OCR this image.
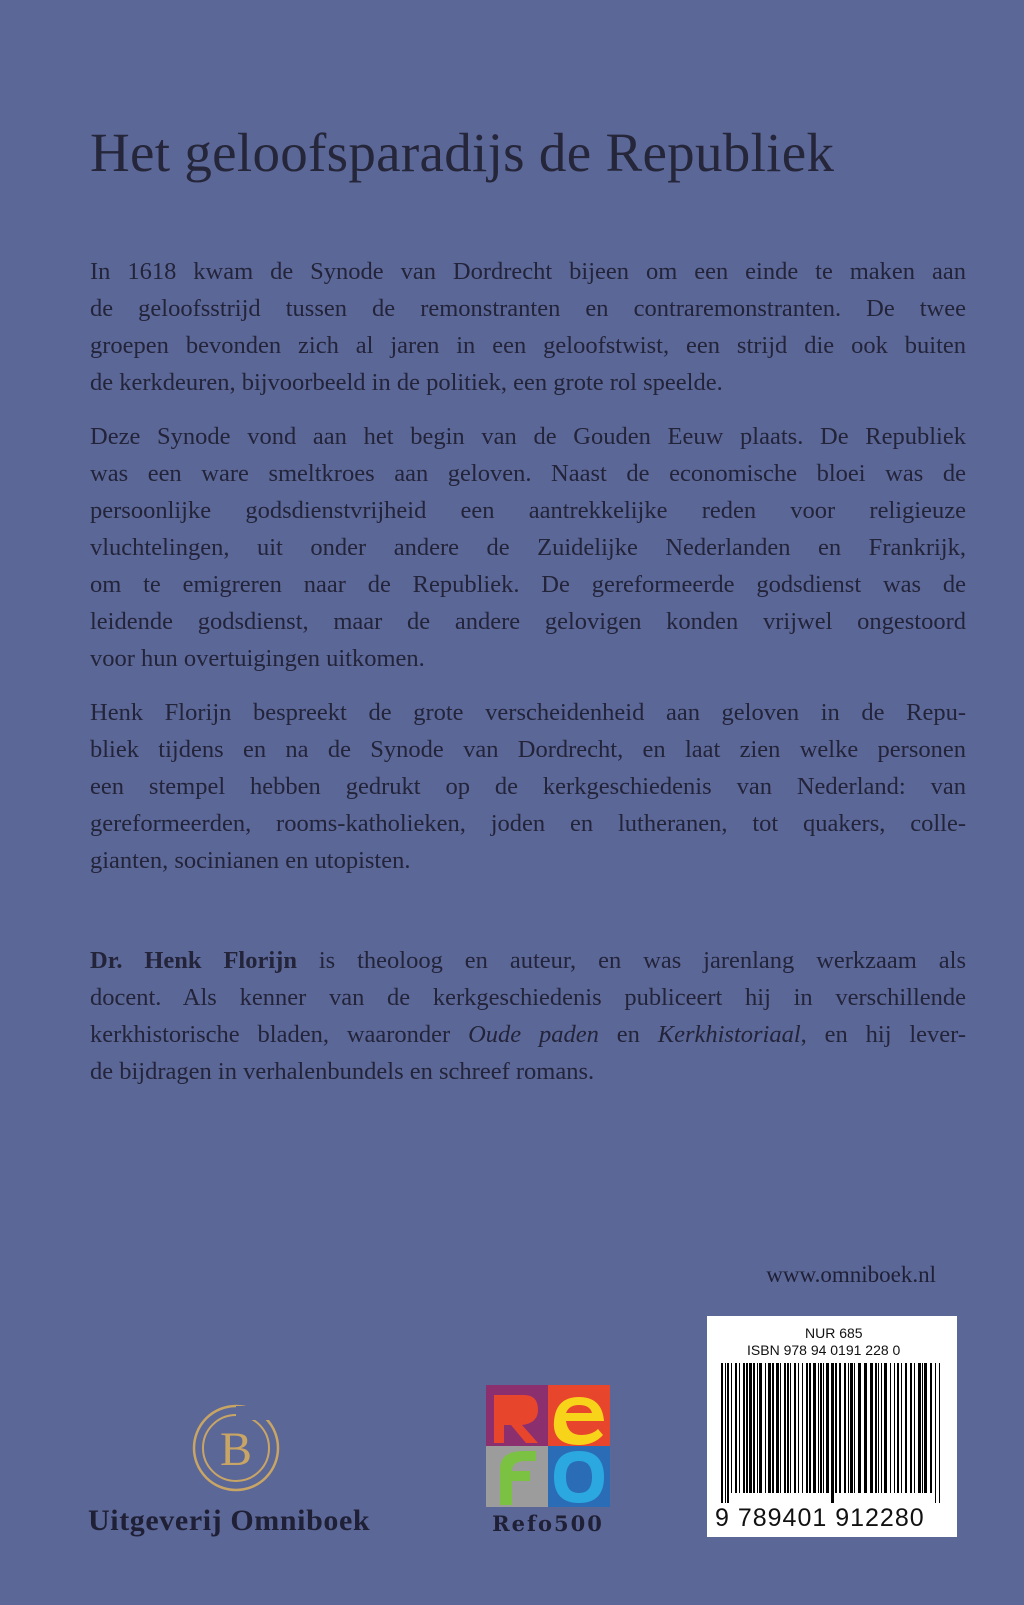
Het geloofsparadijs de Republiek
In 1618 kwam de Synode van Dordrecht bijeen om een einde te maken aan
de geloofsstrijd tussen de remonstranten en contraremonstranten. De twee
groepen bevonden zich al jaren in een geloofstwist, een strijd die ook buiten
de kerkdeuren, bijvoorbeeld in de politiek, een grote rol speelde.
Deze Synode vond aan het begin van de Gouden Eeuw plaats. De Republiek
was een ware smeltkroes aan geloven. Naast de economische bloei was de
persoonlijke godsdienstvrijheid een aantrekkelijke reden voor religieuze
vluchtelingen, uit onder andere de Zuidelijke Nederlanden en Frankrijk,
om te emigreren naar de Republiek. De gereformeerde godsdienst was de
leidende godsdienst, maar de andere gelovigen konden vrijwel ongestoord
voor hun overtuigingen uitkomen.
Henk Florijn bespreekt de grote verscheidenheid aan geloven in de Repu-
bliek tijdens en na de Synode van Dordrecht, en laat zien welke personen
een stempel hebben gedrukt op de kerkgeschiedenis van Nederland: van
gereformeerden, rooms-katholieken, joden en lutheranen, tot quakers, colle-
gianten, socinianen en utopisten.
Dr. Henk Florijn is theoloog en auteur, en was jarenlang werkzaam als
docent. Als kenner van de kerkgeschiedenis publiceert hij in verschillende
kerkhistorische bladen, waaronder Oude paden en Kerkhistoriaal, en hij lever-
de bijdragen in verhalenbundels en schreef romans.
www.omniboek.nl
NUR 685
ISBN 978 94 0191 228 0
9 789401 912280
B
Uitgeverij Omniboek	Refo500
